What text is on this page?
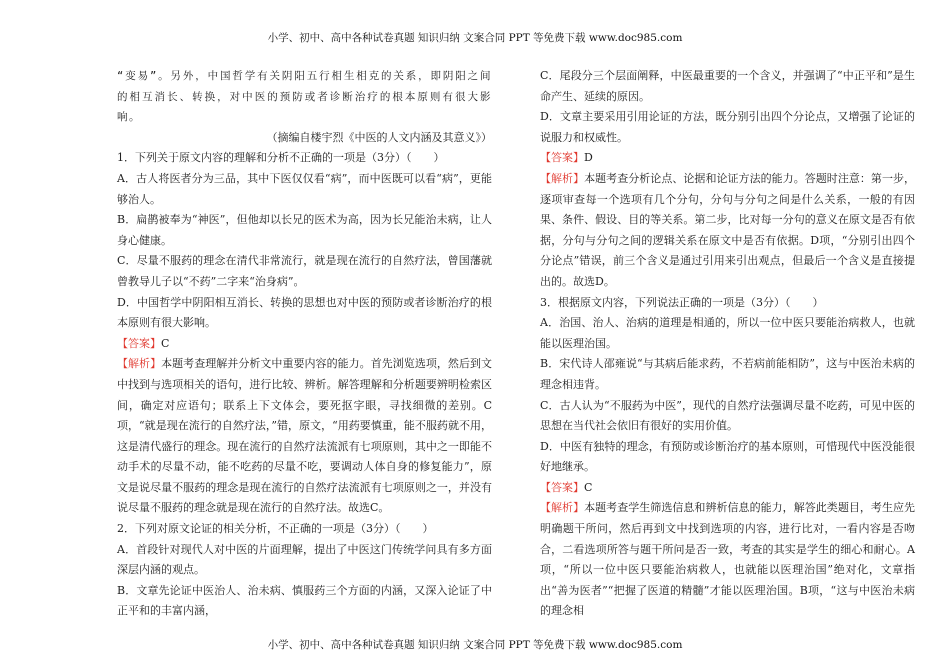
小学、初中、高中各种试卷真题 知识归纳 文案合同 PPT 等免费下载 www.doc985.com

“变易”。另外，中国哲学有关阴阳五行相生相克的关系，即阴阳之间的相互消长、转换，对中医的预防或者诊断治疗的根本原则有很大影响。

（摘编自楼宇烈《中医的人文内涵及其意义》）

1．下列关于原文内容的理解和分析不正确的一项是（3分）（　　）

A．古人将医者分为三品，其中下医仅仅看“病”，而中医既可以看“病”，更能够治人。

B．扁鹊被奉为“神医”，但他却以长兄的医术为高，因为长兄能治未病，让人身心健康。

C．尽量不服药的理念在清代非常流行，就是现在流行的自然疗法，曾国藩就曾教导儿子以“不药”二字来“治身病”。

D．中国哲学中阴阳相互消长、转换的思想也对中医的预防或者诊断治疗的根本原则有很大影响。

【答案】C

【解析】本题考查理解并分析文中重要内容的能力。首先浏览选项，然后到文中找到与选项相关的语句，进行比较、辨析。解答理解和分析题要辨明检索区间，确定对应语句；联系上下文体会，要死抠字眼，寻找细微的差别。C项，“就是现在流行的自然疗法，”错，原文，“用药要慎重，能不服药就不用，这是清代盛行的理念。现在流行的自然疗法流派有七项原则，其中之一即能不动手术的尽量不动，能不吃药的尽量不吃，要调动人体自身的修复能力”，原文是说尽量不服药的理念是现在流行的自然疗法流派有七项原则之一，并没有说尽量不服药的理念就是现在流行的自然疗法。故选C。

2．下列对原文论证的相关分析，不正确的一项是（3分）（　　）

A．首段针对现代人对中医的片面理解，提出了中医这门传统学问具有多方面深层内涵的观点。

B．文章先论证中医治人、治未病、慎服药三个方面的内涵，又深入论证了中正平和的丰富内涵，

C．尾段分三个层面阐释，中医最重要的一个含义，并强调了“中正平和”是生命产生、延续的原因。

D．文章主要采用引用论证的方法，既分别引出四个分论点，又增强了论证的说服力和权威性。

【答案】D

【解析】本题考查分析论点、论据和论证方法的能力。答题时注意：第一步，逐项审查每一个选项有几个分句，分句与分句之间是什么关系，一般的有因果、条件、假设、目的等关系。第二步，比对每一分句的意义在原文是否有依据，分句与分句之间的逻辑关系在原文中是否有依据。D项，“分别引出四个分论点”错误，前三个含义是通过引用来引出观点，但最后一个含义是直接提出的。故选D。

3．根据原文内容，下列说法正确的一项是（3分）（　　）

A．治国、治人、治病的道理是相通的，所以一位中医只要能治病救人，也就能以医理治国。

B．宋代诗人邵雍说“与其病后能求药，不若病前能相防”，这与中医治未病的理念相违背。

C．古人认为“不服药为中医”，现代的自然疗法强调尽量不吃药，可见中医的思想在当代社会依旧有很好的实用价值。

D．中医有独特的理念，有预防或诊断治疗的基本原则，可惜现代中医没能很好地继承。

【答案】C

【解析】本题考查学生筛选信息和辨析信息的能力，解答此类题目，考生应先明确题干所问，然后再到文中找到选项的内容，进行比对，一看内容是否吻合，二看选项所答与题干所问是否一致，考查的其实是学生的细心和耐心。A项，“所以一位中医只要能治病救人，也就能以医理治国”绝对化，文章指出“善为医者”“把握了医道的精髓”才能以医理治国。B项，“这与中医治未病的理念相

小学、初中、高中各种试卷真题 知识归纳 文案合同 PPT 等免费下载 www.doc985.com
